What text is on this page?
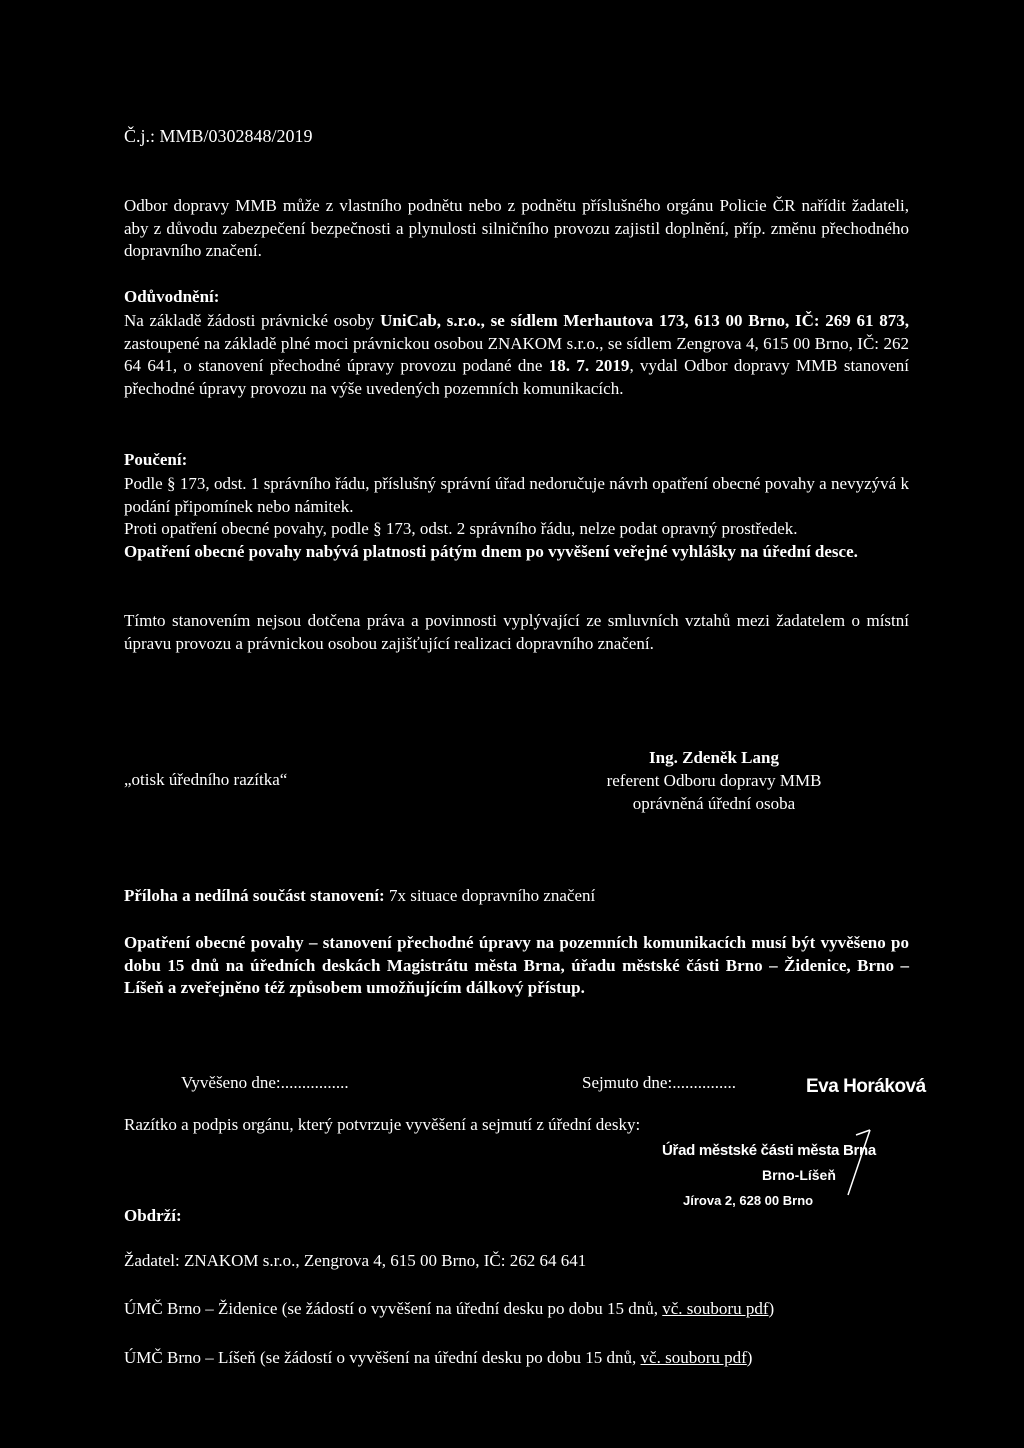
Č.j.: MMB/0302848/2019
Odbor dopravy MMB může z vlastního podnětu nebo z podnětu příslušného orgánu Policie ČR nařídit žadateli, aby z důvodu zabezpečení bezpečnosti a plynulosti silničního provozu zajistil doplnění, příp. změnu přechodného dopravního značení.
Odůvodnění:
Na základě žádosti právnické osoby UniCab, s.r.o., se sídlem Merhautova 173, 613 00 Brno, IČ: 269 61 873, zastoupené na základě plné moci právnickou osobou ZNAKOM s.r.o., se sídlem Zengrova 4, 615 00 Brno, IČ: 262 64 641, o stanovení přechodné úpravy provozu podané dne 18. 7. 2019, vydal Odbor dopravy MMB stanovení přechodné úpravy provozu na výše uvedených pozemních komunikacích.
Poučení:
Podle § 173, odst. 1 správního řádu, příslušný správní úřad nedoručuje návrh opatření obecné povahy a nevyzývá k podání připomínek nebo námitek.
Proti opatření obecné povahy, podle § 173, odst. 2 správního řádu, nelze podat opravný prostředek.
Opatření obecné povahy nabývá platnosti pátým dnem po vyvěšení veřejné vyhlášky na úřední desce.
Tímto stanovením nejsou dotčena práva a povinnosti vyplývající ze smluvních vztahů mezi žadatelem o místní úpravu provozu a právnickou osobou zajišťující realizaci dopravního značení.
„otisk úředního razítka“
Ing. Zdeněk Lang
referent Odboru dopravy MMB
oprávněná úřední osoba
Příloha a nedílná součást stanovení: 7x situace dopravního značení
Opatření obecné povahy – stanovení přechodné úpravy na pozemních komunikacích musí být vyvěšeno po dobu 15 dnů na úředních deskách Magistrátu města Brna, úřadu městské části Brno – Židenice, Brno – Líšeň a zveřejněno též způsobem umožňujícím dálkový přístup.
Vyvěšeno dne:................	Sejmuto dne:...............	Eva Horáková
Razítko a podpis orgánu, který potvrzuje vyvěšení a sejmutí z úřední desky:
Úřad městské části města Brna
Brno-Líšeň
Jírova 2, 628 00 Brno
Obdrží:
Žadatel: ZNAKOM s.r.o., Zengrova 4, 615 00 Brno, IČ: 262 64 641
ÚMČ Brno – Židenice (se žádostí o vyvěšení na úřední desku po dobu 15 dnů, vč. souboru pdf)
ÚMČ Brno – Líšeň (se žádostí o vyvěšení na úřední desku po dobu 15 dnů, vč. souboru pdf)
